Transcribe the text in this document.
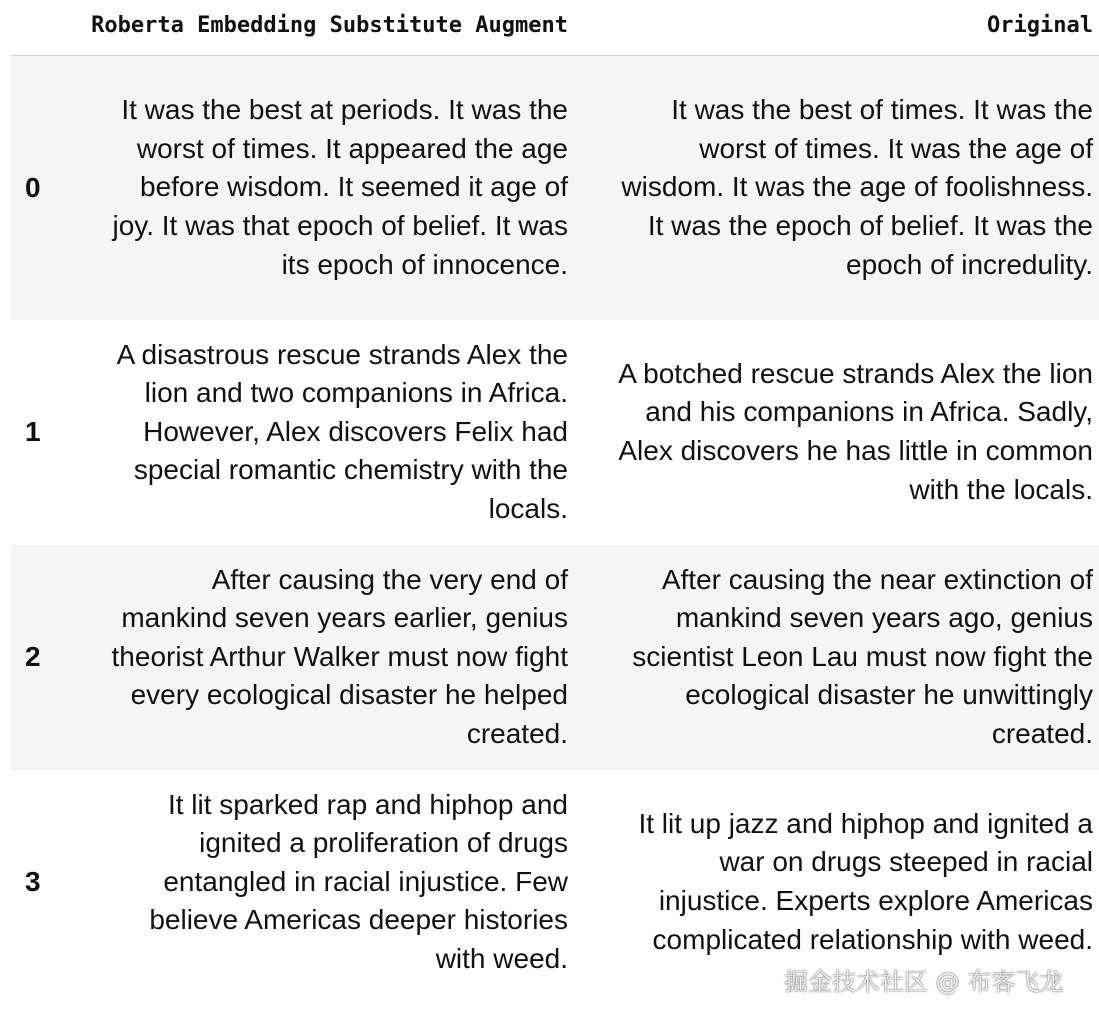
	Roberta Embedding Substitute Augment	Original
0	It was the best at periods. It was the worst of times. It appeared the age before wisdom. It seemed it age of joy. It was that epoch of belief. It was its epoch of innocence.	It was the best of times. It was the worst of times. It was the age of wisdom. It was the age of foolishness. It was the epoch of belief. It was the epoch of incredulity.
1	A disastrous rescue strands Alex the lion and two companions in Africa. However, Alex discovers Felix had special romantic chemistry with the locals.	A botched rescue strands Alex the lion and his companions in Africa. Sadly, Alex discovers he has little in common with the locals.
2	After causing the very end of mankind seven years earlier, genius theorist Arthur Walker must now fight every ecological disaster he helped created.	After causing the near extinction of mankind seven years ago, genius scientist Leon Lau must now fight the ecological disaster he unwittingly created.
3	It lit sparked rap and hiphop and ignited a proliferation of drugs entangled in racial injustice. Few believe Americas deeper histories with weed.	It lit up jazz and hiphop and ignited a war on drugs steeped in racial injustice. Experts explore Americas complicated relationship with weed.
掘金技术社区 @ 布客飞龙
